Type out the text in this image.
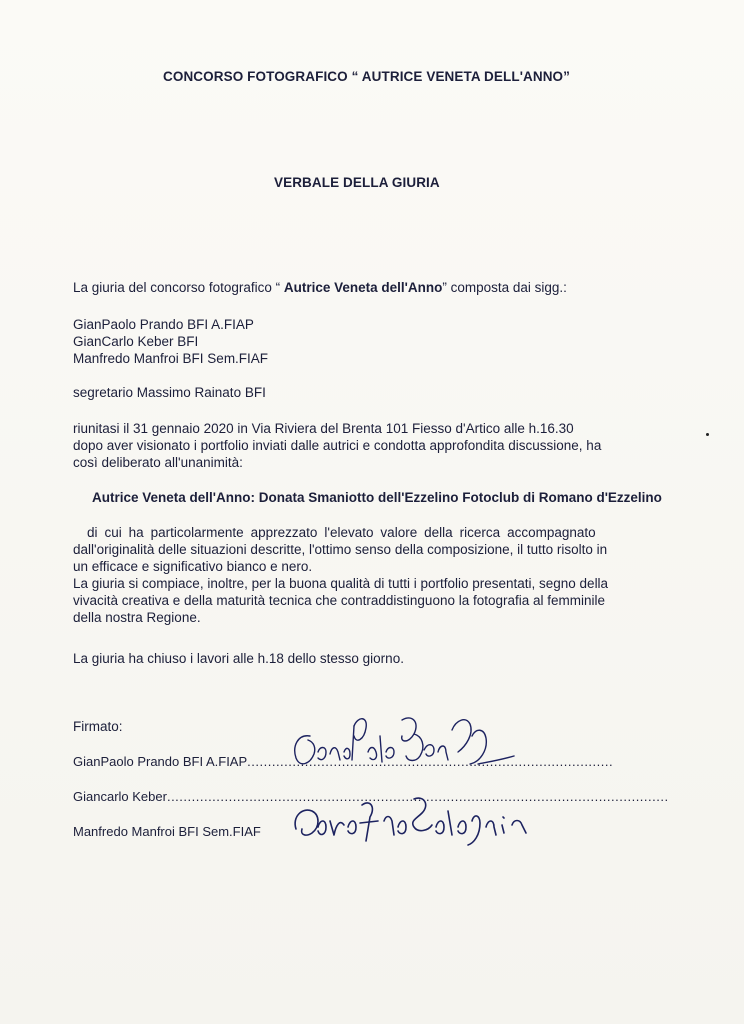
CONCORSO FOTOGRAFICO “ AUTRICE VENETA DELL'ANNO”
VERBALE DELLA GIURIA
La giuria del concorso fotografico “ Autrice Veneta dell'Anno” composta dai sigg.:
GianPaolo Prando BFI A.FIAP
GianCarlo Keber BFI
Manfredo Manfroi BFI Sem.FIAF
segretario Massimo Rainato BFI
riunitasi il 31 gennaio 2020 in Via Riviera del Brenta 101 Fiesso d'Artico alle h.16.30
dopo aver visionato i portfolio inviati dalle autrici e condotta approfondita discussione, ha
così deliberato all'unanimità:
Autrice Veneta dell'Anno: Donata Smaniotto dell'Ezzelino Fotoclub di Romano d'Ezzelino
di cui ha particolarmente apprezzato l'elevato valore della ricerca accompagnato
dall'originalità delle situazioni descritte, l'ottimo senso della composizione, il tutto risolto in
un efficace e significativo bianco e nero.
La giuria si compiace, inoltre, per la buona qualità di tutti i portfolio presentati, segno della
vivacità creativa e della maturità tecnica che contraddistinguono la fotografia al femminile
della nostra Regione.
La giuria ha chiuso i lavori alle h.18 dello stesso giorno.
Firmato:
GianPaolo Prando BFI A.FIAP.........................................................................................
Giancarlo Keber..........................................................................................................................
Manfredo Manfroi BFI Sem.FIAF
